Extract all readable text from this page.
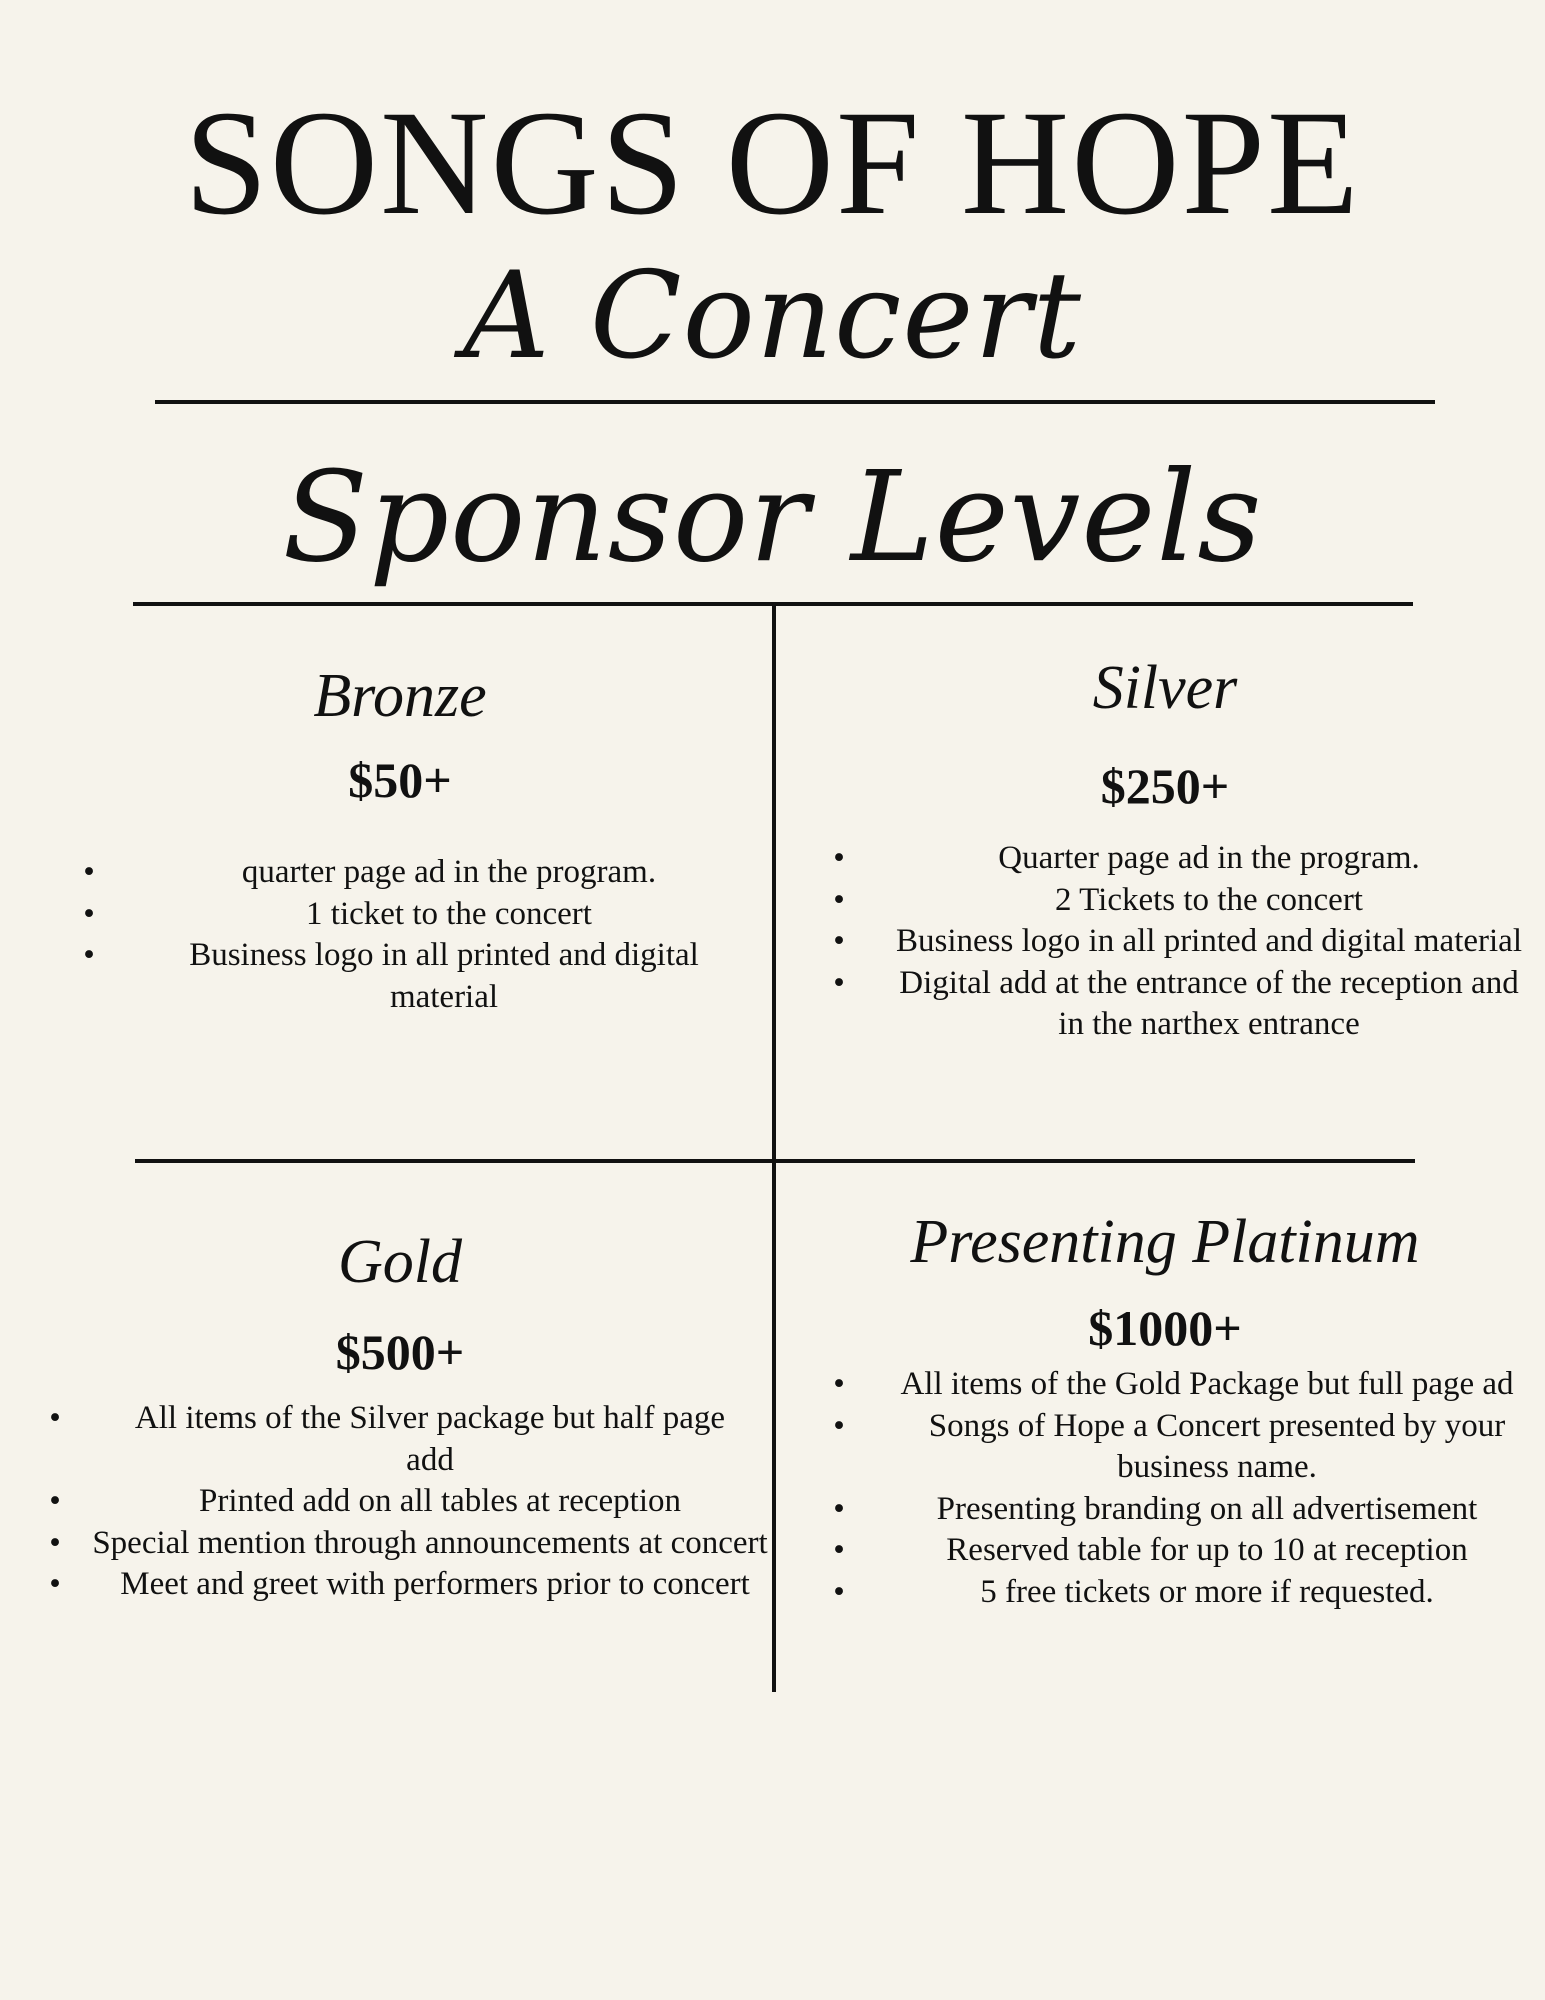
SONGS OF HOPE
A Concert
Sponsor Levels
Bronze
$50+
•	quarter page ad in the program.
•	1 ticket to the concert
•	Business logo in all printed and digital material
Silver
$250+
•	Quarter page ad in the program.
•	2 Tickets to the concert
• Business logo in all printed and digital material
• Digital add at the entrance of the reception and in the narthex entrance
Gold
$500+
• All items of the Silver package but half page add
•	Printed add on all tables at reception
• Special mention through announcements at concert
• Meet and greet with performers prior to concert
Presenting Platinum
$1000+
• All items of the Gold Package but full page ad
•	Songs of Hope a Concert presented by your business name.
•	Presenting branding on all advertisement
•	Reserved table for up to 10 at reception
•	5 free tickets or more if requested.
